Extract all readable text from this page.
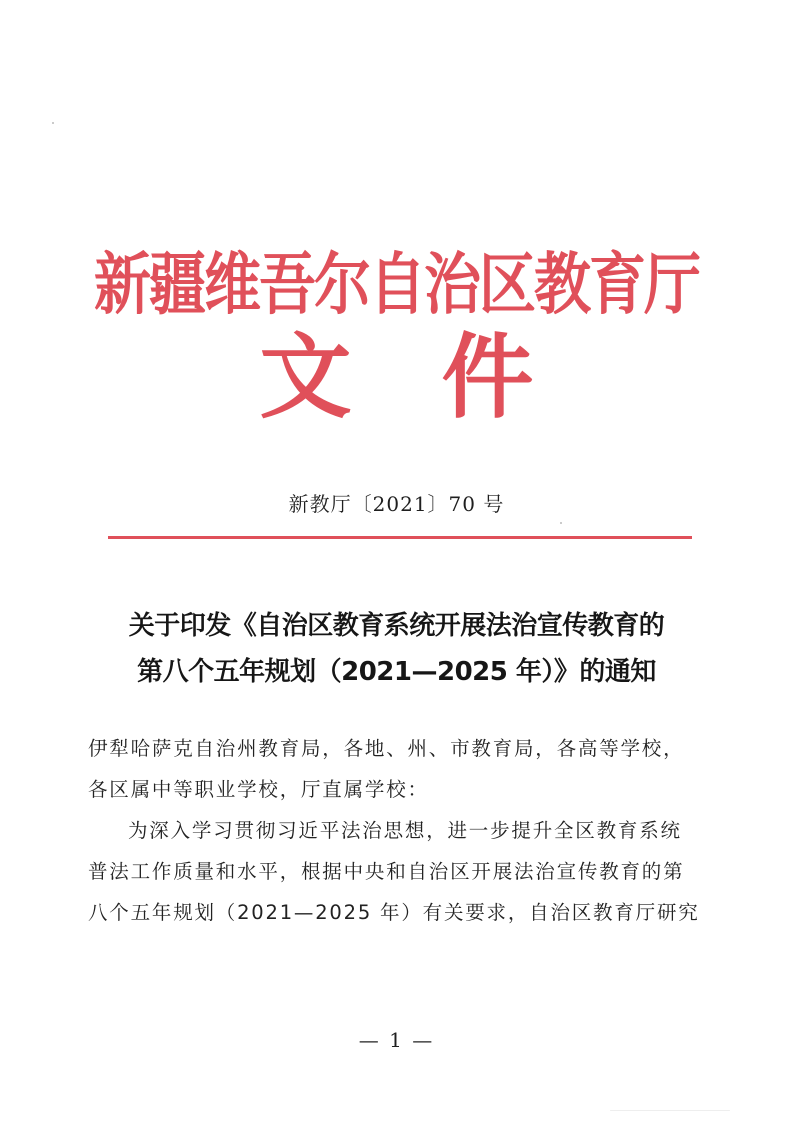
新疆维吾尔自治区教育厅
文件
新教厅〔2021〕70 号
关于印发《自治区教育系统开展法治宣传教育的
第八个五年规划（2021—2025 年）》的通知
伊犁哈萨克自治州教育局，各地、州、市教育局，各高等学校，
各区属中等职业学校，厅直属学校：
为深入学习贯彻习近平法治思想，进一步提升全区教育系统
普法工作质量和水平，根据中央和自治区开展法治宣传教育的第
八个五年规划（2021—2025 年）有关要求，自治区教育厅研究
— 1 —
